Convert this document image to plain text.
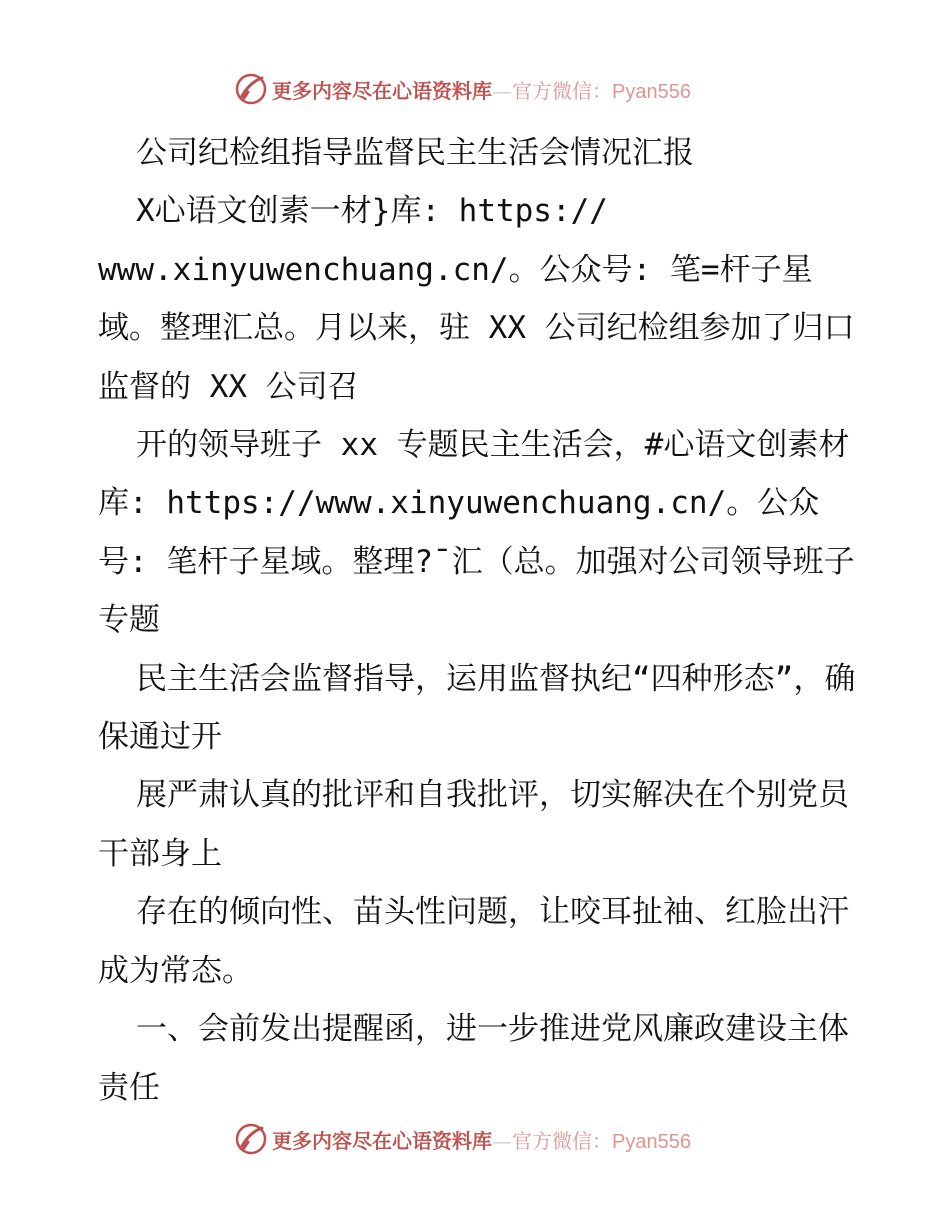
更多内容尽在心语资料库—官方微信：Pyan556

公司纪检组指导监督民主生活会情况汇报

X心语文创素一材}库: https://

www.xinyuwenchuang.cn/。公众号: 笔=杆子星域。整理汇总。月以来，驻 XX 公司纪检组参加了归口监督的 XX 公司召

开的领导班子 xx 专题民主生活会，#心语文创素材库: https://www.xinyuwenchuang.cn/。公众号: 笔杆子星域。整理?¯汇（总。加强对公司领导班子专题

民主生活会监督指导，运用监督执纪“四种形态”，确保通过开

展严肃认真的批评和自我批评，切实解决在个别党员干部身上

存在的倾向性、苗头性问题，让咬耳扯袖、红脸出汗成为常态。

一、会前发出提醒函，进一步推进党风廉政建设主体责任

更多内容尽在心语资料库—官方微信：Pyan556
